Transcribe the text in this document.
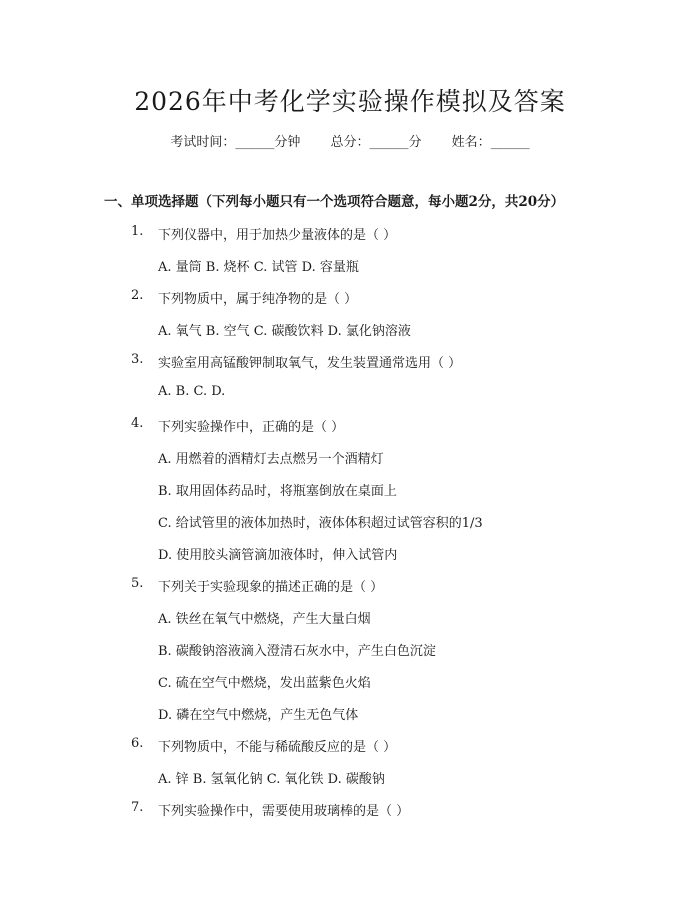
2026年中考化学实验操作模拟及答案
考试时间：______分钟 总分：______分 姓名：______
一、单项选择题（下列每小题只有一个选项符合题意，每小题2分，共20分）
1. 下列仪器中，用于加热少量液体的是（ ）
A. 量筒 B. 烧杯 C. 试管 D. 容量瓶
2. 下列物质中，属于纯净物的是（ ）
A. 氧气 B. 空气 C. 碳酸饮料 D. 氯化钠溶液
3. 实验室用高锰酸钾制取氧气，发生装置通常选用（ ）
A. B. C. D.
4. 下列实验操作中，正确的是（ ）
A. 用燃着的酒精灯去点燃另一个酒精灯
B. 取用固体药品时，将瓶塞倒放在桌面上
C. 给试管里的液体加热时，液体体积超过试管容积的1/3
D. 使用胶头滴管滴加液体时，伸入试管内
5. 下列关于实验现象的描述正确的是（ ）
A. 铁丝在氧气中燃烧，产生大量白烟
B. 碳酸钠溶液滴入澄清石灰水中，产生白色沉淀
C. 硫在空气中燃烧，发出蓝紫色火焰
D. 磷在空气中燃烧，产生无色气体
6. 下列物质中，不能与稀硫酸反应的是（ ）
A. 锌 B. 氢氧化钠 C. 氧化铁 D. 碳酸钠
7. 下列实验操作中，需要使用玻璃棒的是（ ）
